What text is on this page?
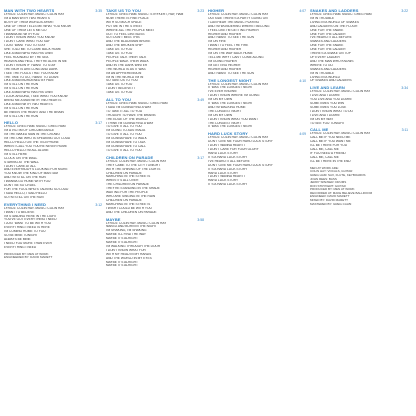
MAN WITH TWO HEARTS	3:35
LYRICS: COLIN HAY. MUSIC: COLIN HAY
I'M A MAN WITH TWO HEARTS
BOTH OF THEM WORLDS APART
ONE OF THEM TELLS ME WHAT YOU KNOW
ONE OF THEM LETS ME GO
I WANNA BE WITH YOU
I DON'T KNOW WHAT YOU KNOW
I DON'T CARE WHAT YOU SAY
I JUST WANT YOU TO STAY
SHE TOLD ME TO COME BACK HOME
LIKE A MAN WHO HAS HIS OWN
FEEL ROUNDED BY THE SEA
HEAVEN AND HELL THEY'RE ALIVE IN ME
I DON'T KNOW IF I WANT TO STAY
THE NIGHTS ARE LONG AND DARK
I SEE THE FOOLS THAT YOU KNOW
THE TIME TO GO, I WANT TO LEAVE
LIKE A MAN BURDENED BY PAIN
I'M STILL ON THE RUN
I'M STILL ON THE RUN
LIKE A MAN WHO HAS HIS OWN
I LOOK AROUND, I SEE WHAT YOU KNOW
BRING ME A MAN WITH TWO HEARTS
LIKE A MAN WITH TWO HEARTS
I'M STILL ON THE RUN
BETWEEN THE HEART AND THE BRAIN
I'M STILL ON THE RUN
HELLO	3:17
LYRICS: GREG HAM. MUSIC: GREG HAM
I'M A VICTIM OF CIRCUMSTANCE
I'M THE NAKED MAN IN THE CROWD
I'M THE ONE WHO IS SPEAKING OUT LOUD
HELLO HELLO ON THE TELEPHONE
WHEN I CALL YOU YOU'RE NEVER HOME
HELLO HELLO I'M ALL ALONE
I'M STILL HERE
CLOCK ON THE WALL
STARING AT THE WALL
I DON'T CARE AT ALL
AND EVERYBODY'S LOOKING FOR MORE
YOU KNOW THE KIND OF MAN I AM
AND I'M STILL ON THE RUN
I WANNA GO HOME WITH YOU
DON'T BE SO CRUEL
FOR THE FOOL WHO'S TALKING SO LOUD
I SAID HELLO, I SAID HELLO
SO I'M STILL ON THE RUN
EVERYTHING I NEED	3:12
LYRICS: COLIN HAY. MUSIC: COLIN HAY
I WANT TO BELIEVE
I'M STANDING HERE IN THE LIGHT
YOU'VE GOT EVERYTHING I NEED
I JUST WANT TO BE WITH YOU
EVERYTHING I NEED IS HERE
I'M COMING HOME TO YOU
SO BE MINE TONIGHT
ALWAYS BE MINE
I NEED YOU MORE THAN EVER
EVERYTHING I NEED
PRODUCED BY: MEN AT WORK
ENGINEERED BY: DAVID MARETT
TAKE US TO YOU	3:23
LYRICS: GREG HAM. MUSIC: STRYKERT, HAY, HAM
NOW THERE IS FINE PLACE
WITH SO MUCH SPACE
PUT ME IN THE STREET
WHERE ALL THE PEOPLE MEET
GOT TO FEEL LIKE BLISS
SO I DON'T MISS THIS
AND THE BLACKMAN BROKE
AND THE BROKEN SHIP
TAKE US TO YOU
TAKE US TO YOU
PEOPLE TALK THEIR TALK
PEOPLE WALK THEIR WALK
AND IN THE DARK WINTER
THE WORLD IS AS IT WAS
I'M AN APPREHENSION
I'M IN THE WORLD I'M IN
SO TAKE US TO YOU
TAKE US TO YOU
I DON'T BELIEVE IT
TAKE US TO YOU
ALL TO YOU	3:49
LYRICS: GREG HAM. MUSIC: GREG HAM
I SAID I'M GONNA FIND A WAY
TO TAKE IT ALL TO YOU
THOUGHT I'D HAVE THE BRAINS
THE EDGE OF THE WORLD
I THINK I'M GONNA FIND A WAY
TO GIVE IT ALL TO YOU
I'M GOING TO AUSTRALIA
TO GIVE IT ALL TO YOU
I'M GONNA HAVE TO WALK
I'M GONNA HAVE TO TALK
I'M GONNA HAVE TO CALL
TO GIVE IT ALL TO YOU
CHILDREN ON PARADE	3:17
LYRICS: COLIN HAY. MUSIC: COLIN HAY
THEY CAME TO THE CITY TONIGHT
WITH THE SHINING OF THE LIGHTS
CHILDREN ON PARADE
MARCHING IN THE STREETS
WHEN IT'S ALL OVER
THE CHILDREN ON PARADE
THEY'RE STANDING IN THE SHADE
WAITING FOR THE PEOPLE
WHO ARE SINGING IN THE RAIN
CHILDREN ON PARADE
MARCHING IN THE STREETS
I WISH I COULD BE WITH YOU
AND THE CHILDREN ON PARADE
MAYBE	3:58
LYRICS: COLIN HAY. MUSIC: COLIN HAY
NAKED AND BORN IN THE NIGHT
I'M SHAKING, I'M SHAKING
MAYBE I'LL FIND THE WAY
MAYBE IT'S ALRIGHT
MAYBE IT'S ALRIGHT
I'M WALKING THROUGH THE DOOR
I DON'T KNOW WHAT FOR
WITH MY HEAD IN MY HANDS
AND THE WORLD IN MY EYES
MAYBE IT'S ALRIGHT
MAYBE IT'S ALRIGHT
HIGHER	4:07
LYRICS: COLIN HAY. MUSIC: COLIN HAY
OUTSIDE THERE'S A PARTY GOING ON
I CAN HEAR THE MUSIC PLAYING
AND I'M WONDERING WHERE I BELONG
I FEEL LIKE I'M GETTING HIGHER
HIGHER AND HIGHER
AND I WANT TO SEE THE SUN
I'M ON FIRE
I WANT TO FEEL THE FIRE
HIGHER AND HIGHER
I'M ON THE WAY BACK HOME
TELL ME WHY I CAN'T COME ALONG
I'M GOING HIGHER
I'M GETTING HIGHER
HIGHER AND HIGHER
AND I WANT TO SEE THE SUN
THE LONGEST NIGHT	4:10
LYRICS: COLIN HAY. MUSIC: COLIN HAY
IT WAS THE LONGEST NIGHT
I'VE EVER KNOWN
I DON'T KNOW WHERE I'M GOING
I'M ON MY OWN
IT WAS THE LONGEST NIGHT
AND I'M WALKING HOME
THE LONGEST NIGHT
I'M ON MY OWN
I DON'T KNOW WHAT YOU WANT
THE LONGEST NIGHT
IT WAS THE LONGEST NIGHT
HARD LUCK STORY	4:09
LYRICS: COLIN HAY. MUSIC: COLIN HAY
DON'T GIVE ME YOUR HARD LUCK STORY
I DON'T WANNA HEAR IT
I DON'T CARE FOR YOUR GLORY
HARD LUCK STORY
IT'S A HARD LUCK STORY
I'VE HEARD IT ALL BEFORE
DON'T GIVE ME YOUR HARD LUCK STORY
IT'S A HARD LUCK STORY
HARD LUCK STORY
I DON'T WANNA HEAR IT
HARD LUCK STORY
IT'S A HARD LUCK STORY
SNAKES AND LADDERS	3:22
LYRICS: GREG HAM. MUSIC: GREG HAM
I'M IN TROUBLE
LIVING IN A WORLD OF SNAKES
AND LADDERS ON THE FLOOR
ONE FOR THE SNAKE
ONE FOR THE LADDER
I'VE HEARD IT ALL BEFORE
SNAKES AND LADDERS
ONE FOR THE SNAKE
ONE FOR THE LADDER
THERE'S A SNAKE ON TOP
OF EVERY LADDER
AND THE MAN WHO KNOWS
WHERE TO GO
SNAKES AND LADDERS
I'M IN TROUBLE
LIVING IN A WORLD
OF SNAKES AND LADDERS
LIVE AND LEARN	3:34
LYRICS: COLIN HAY. MUSIC: COLIN HAY
I LIVE AND I LEARN
YOU LIVE AND YOU LEARN
SOMETIMES YOU WIN
SOMETIMES YOU LOSE
I DON'T KNOW WHAT TO DO
I LIVE AND I LEARN
I'M ON MY WAY
TO SEE YOU TONIGHT
CALL ME	3:11
LYRICS: COLIN HAY. MUSIC: COLIN HAY
CALL ME IF YOU NEED ME
CALL ME IF YOU WANT ME
I'LL BE THERE FOR YOU
CALL ME, CALL ME
IF YOU NEED A FRIEND
CALL ME, CALL ME
I'LL BE THERE IN THE END
MEN AT WORK ARE:
COLIN HAY: VOCALS, GUITAR
GREG HAM: SAX, FLUTE, KEYBOARDS
JOHN REES: BASS
JERRY SPEISER: DRUMS
RON STRYKERT: GUITAR
PRODUCED BY: MEN AT WORK
RECORDED AT: MAKE BELIEVE BALLROOM
ENGINEER: DAVID MARETT
MIXED BY: DAVID MARETT
MASTERED BY: GREG CALBI
